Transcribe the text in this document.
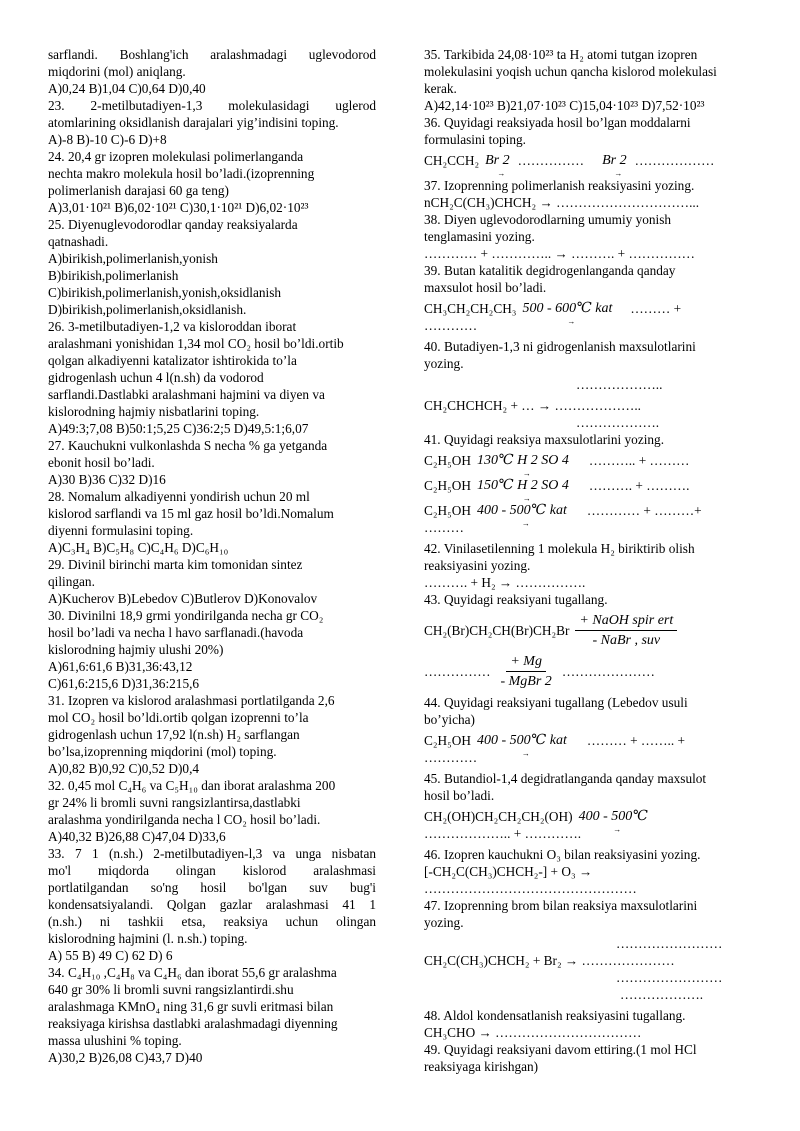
sarflandi. Boshlang'ich aralashmadagi uglevodorod
miqdorini (mol) aniqlang.
A)0,24 B)1,04 C)0,64 D)0,40
23. 2-metilbutadiyen-1,3 molekulasidagi uglerod
atomlarining oksidlanish darajalari yig’indisini toping.
A)-8 B)-10 C)-6 D)+8
24. 20,4 gr izopren molekulasi polimerlanganda
nechta makro molekula hosil bo’ladi.(izoprenning
polimerlanish darajasi 60 ga teng)
A)3,01·10²¹ B)6,02·10²¹ C)30,1·10²¹ D)6,02·10²³
25. Diyenuglevodorodlar qanday reaksiyalarda
qatnashadi.
A)birikish,polimerlanish,yonish
B)birikish,polimerlanish
C)birikish,polimerlanish,yonish,oksidlanish
D)birikish,polimerlanish,oksidlanish.
26. 3-metilbutadiyen-1,2 va kisloroddan iborat
aralashmani yonishidan 1,34 mol CO₂ hosil bo’ldi.ortib
qolgan alkadiyenni katalizator ishtirokida to’la
gidrogenlash uchun 4 l(n.sh) da vodorod
sarflandi.Dastlabki aralashmani hajmini va diyen va
kislorodning hajmiy nisbatlarini toping.
A)49:3;7,08 B)50:1;5,25 C)36:2;5 D)49,5:1;6,07
27. Kauchukni vulkonlashda S necha % ga yetganda
ebonit hosil bo’ladi.
A)30 B)36 C)32 D)16
28. Nomalum alkadiyenni yondirish uchun 20 ml
kislorod sarflandi va 15 ml gaz hosil bo’ldi.Nomalum
diyenni formulasini toping.
A)C₃H₄ B)C₅H₈ C)C₄H₆ D)C₆H₁₀
29. Divinil birinchi marta kim tomonidan sintez
qilingan.
A)Kucherov B)Lebedov C)Butlerov D)Konovalov
30. Divinilni 18,9 grmi yondirilganda necha gr CO₂
hosil bo’ladi va necha l havo sarflanadi.(havoda
kislorodning hajmiy ulushi 20%)
A)61,6:61,6 B)31,36:43,12
C)61,6:215,6 D)31,36:215,6
31. Izopren va kislorod aralashmasi portlatilganda 2,6
mol CO₂ hosil bo’ldi.ortib qolgan izoprenni to’la
gidrogenlash uchun 17,92 l(n.sh) H₂ sarflangan
bo’lsa,izoprenning miqdorini (mol) toping.
A)0,82 B)0,92 C)0,52 D)0,4
32. 0,45 mol C₄H₆ va C₅H₁₀ dan iborat aralashma 200
gr 24% li bromli suvni rangsizlantirsa,dastlabki
aralashma yondirilganda necha l CO₂ hosil bo’ladi.
A)40,32 B)26,88 C)47,04 D)33,6
33. 7 1 (n.sh.) 2-metilbutadiyen-l,3 va unga nisbatan
mo'l miqdorda olingan kislorod aralashmasi
portlatilgandan so'ng hosil bo'lgan suv bug'i
kondensatsiyalandi. Qolgan gazlar aralashmasi 41 1
(n.sh.) ni tashkii etsa, reaksiya uchun olingan
kislorodning hajmini (l. n.sh.) toping.
A) 55 B) 49 C) 62 D) 6
34. C₄H₁₀ ,C₄H₈ va C₄H₆ dan iborat 55,6 gr aralashma
640 gr 30% li bromli suvni rangsizlantirdi.shu
aralashmaga KMnO₄ ning 31,6 gr suvli eritmasi bilan
reaksiyaga kirishsa dastlabki aralashmadagi diyenning
massa ulushini % toping.
A)30,2 B)26,08 C)43,7 D)40
35. Tarkibida 24,08·10²³ ta H₂ atomi tutgan izopren
molekulasini yoqish uchun qancha kislorod molekulasi
kerak.
A)42,14·10²³ B)21,07·10²³ C)15,04·10²³ D)7,52·10²³
36. Quyidagi reaksiyada hosil bo’lgan moddalarni
formulasini toping.
CH₂CCH₂ Br 2 → …………… Br 2 → ………………
37. Izoprenning polimerlanish reaksiyasini yozing.
nCH₂C(CH₃)CHCH₂ → …………………………...
38. Diyen uglevodorodlarning umumiy yonish
tenglamasini yozing.
………… + ………….. → ………. + ……………
39. Butan katalitik degidrogenlanganda qanday
maxsulot hosil bo’ladi.
CH₃CH₂CH₂CH₃ 500 - 600℃ kat → ……… +
…………
40. Butadiyen-1,3 ni gidrogenlanish maxsulotlarini
yozing.
………………..
CH₂CHCHCH₂ + … → ………………..
……………….
41. Quyidagi reaksiya maxsulotlarini yozing.
C₂H₅OH 130℃ H 2 SO 4 → ……….. + ………
C₂H₅OH 150℃ H 2 SO 4 → ………. + ……….
C₂H₅OH 400 - 500℃ kat → ………… + ………+
………
42. Vinilasetilenning 1 molekula H₂ biriktirib olish
reaksiyasini yozing.
………. + H₂ → …………….
43. Quyidagi reaksiyani tugallang.
$CH_2(Br)CH_2CH(Br)CH_2Br \frac{\text{+ NaOH spir ert}}{\text{- NaBr , suv}}$
…………… $\frac{+ Mg}{\text{- MgBr 2}}$ …………………
44. Quyidagi reaksiyani tugallang (Lebedov usuli
bo’yicha)
C₂H₅OH 400 - 500℃ kat → ……… + …….. +
…………
45. Butandiol-1,4 degidratlanganda qanday maxsulot
hosil bo’ladi.
CH₂(OH)CH₂CH₂CH₂(OH) 400 - 500℃ →
……………….. + ………….
46. Izopren kauchukni O₃ bilan reaksiyasini yozing.
[-CH₂C(CH₃)CHCH₂-] + O₃ →
…………………………………………
47. Izoprenning brom bilan reaksiya maxsulotlarini
yozing.
……………………
CH₂C(CH₃)CHCH₂ + Br₂ → …………………
……………………
……………….
48. Aldol kondensatlanish reaksiyasini tugallang.
CH₃CHO → ……………………………
49. Quyidagi reaksiyani davom ettiring.(1 mol HCl
reaksiyaga kirishgan)
